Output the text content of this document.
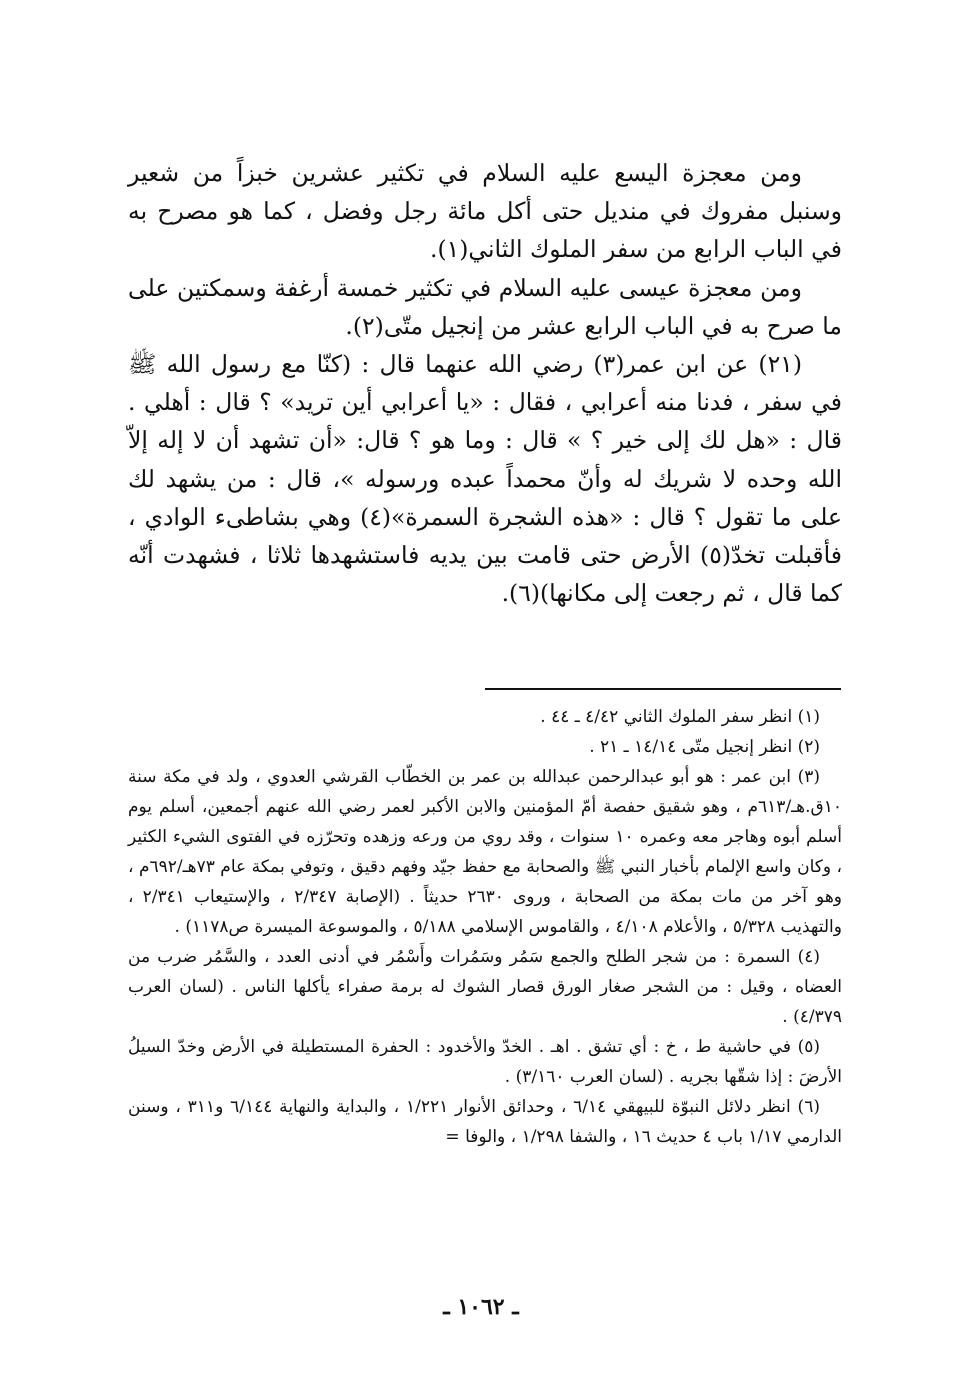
ومن معجزة اليسع عليه السلام في تكثير عشرين خبزاً من شعير وسنبل مفروك في منديل حتى أكل مائة رجل وفضل ، كما هو مصرح به في الباب الرابع من سفر الملوك الثاني(١).

ومن معجزة عيسى عليه السلام في تكثير خمسة أرغفة وسمكتين على ما صرح به في الباب الرابع عشر من إنجيل متّى(٢).

(٢١) عن ابن عمر(٣) رضي الله عنهما قال : (كنّا مع رسول الله ﷺ في سفر ، فدنا منه أعرابي ، فقال : «يا أعرابي أين تريد» ؟ قال : أهلي . قال : «هل لك إلى خير ؟ » قال : وما هو ؟ قال: «أن تشهد أن لا إله إلاّ الله وحده لا شريك له وأنّ محمداً عبده ورسوله »، قال : من يشهد لك على ما تقول ؟ قال : «هذه الشجرة السمرة»(٤) وهي بشاطىء الوادي ، فأقبلت تخدّ(٥) الأرض حتى قامت بين يديه فاستشهدها ثلاثا ، فشهدت أنّه كما قال ، ثم رجعت إلى مكانها)(٦).

(١) انظر سفر الملوك الثاني ٤/٤٢ ـ ٤٤ .

(٢) انظر إنجيل متّى ١٤/١٤ ـ ٢١ .

(٣) ابن عمر : هو أبو عبدالرحمن عبدالله بن عمر بن الخطّاب القرشي العدوي ، ولد في مكة سنة ١٠ق.هـ/٦١٣م ، وهو شقيق حفصة أمّ المؤمنين والابن الأكبر لعمر رضي الله عنهم أجمعين، أسلم يوم أسلم أبوه وهاجر معه وعمره ١٠ سنوات ، وقد روي من ورعه وزهده وتحرّزه في الفتوى الشيء الكثير ، وكان واسع الإلمام بأخبار النبي ﷺ والصحابة مع حفظ جيّد وفهم دقيق ، وتوفي بمكة عام ٧٣هـ/٦٩٢م ، وهو آخر من مات بمكة من الصحابة ، وروى ٢٦٣٠ حديثاً . (الإصابة ٢/٣٤٧ ، والإستيعاب ٢/٣٤١ ، والتهذيب ٥/٣٢٨ ، والأعلام ٤/١٠٨ ، والقاموس الإسلامي ٥/١٨٨ ، والموسوعة الميسرة ص١١٧٨) .

(٤) السمرة : من شجر الطلح والجمع سَمُر وسَمُرات وأَسْمُر في أدنى العدد ، والسَّمُر ضرب من العضاه ، وقيل : من الشجر صغار الورق قصار الشوك له برمة صفراء يأكلها الناس . (لسان العرب ٤/٣٧٩) .

(٥) في حاشية ط ، خ : أي تشق . اهـ . الخدّ والأخدود : الحفرة المستطيلة في الأرض وخدّ السيلُ الأرضَ : إذا شقّها بجريه . (لسان العرب ٣/١٦٠) .

(٦) انظر دلائل النبوّة للبيهقي ٦/١٤ ، وحدائق الأنوار ١/٢٢١ ، والبداية والنهاية ٦/١٤٤ و٣١١ ، وسنن الدارمي ١/١٧ باب ٤ حديث ١٦ ، والشفا ١/٢٩٨ ، والوفا =

ـ ١٠٦٢ ـ
